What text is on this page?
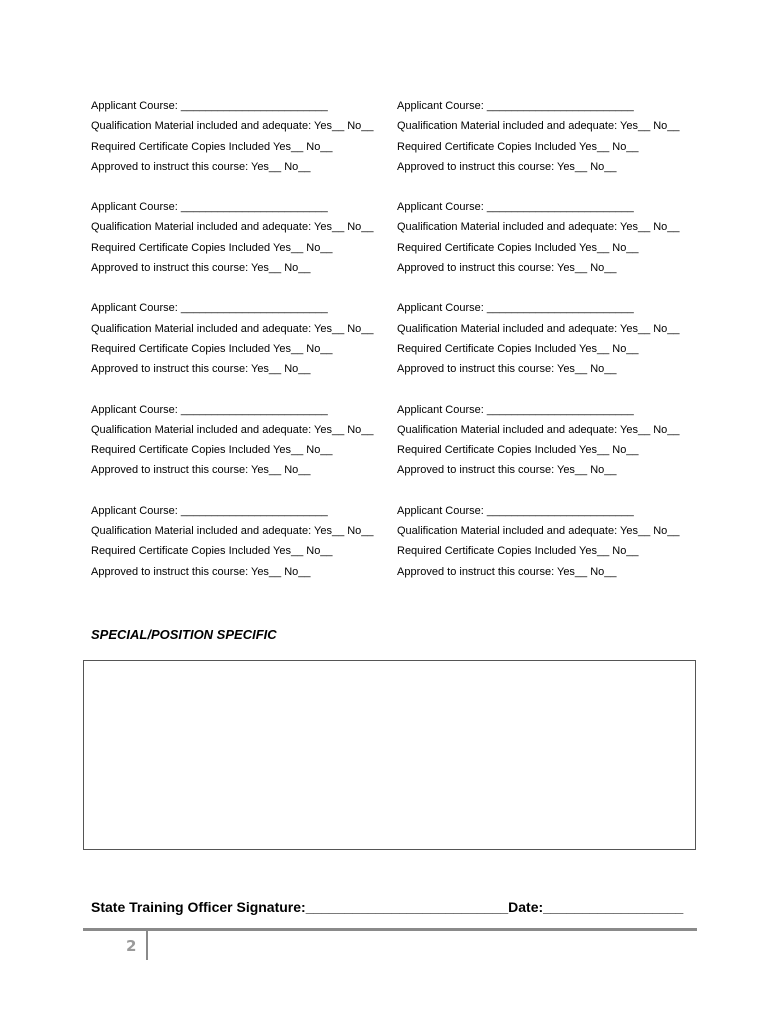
Applicant Course: ________________________
Qualification Material included and adequate: Yes__ No__
Required Certificate Copies Included Yes__ No__
Approved to instruct this course: Yes__ No__
Applicant Course: ________________________
Qualification Material included and adequate: Yes__ No__
Required Certificate Copies Included Yes__ No__
Approved to instruct this course: Yes__ No__
Applicant Course: ________________________
Qualification Material included and adequate: Yes__ No__
Required Certificate Copies Included Yes__ No__
Approved to instruct this course: Yes__ No__
Applicant Course: ________________________
Qualification Material included and adequate: Yes__ No__
Required Certificate Copies Included Yes__ No__
Approved to instruct this course: Yes__ No__
Applicant Course: ________________________
Qualification Material included and adequate: Yes__ No__
Required Certificate Copies Included Yes__ No__
Approved to instruct this course: Yes__ No__
Applicant Course: ________________________
Qualification Material included and adequate: Yes__ No__
Required Certificate Copies Included Yes__ No__
Approved to instruct this course: Yes__ No__
Applicant Course: ________________________
Qualification Material included and adequate: Yes__ No__
Required Certificate Copies Included Yes__ No__
Approved to instruct this course: Yes__ No__
Applicant Course: ________________________
Qualification Material included and adequate: Yes__ No__
Required Certificate Copies Included Yes__ No__
Approved to instruct this course: Yes__ No__
Applicant Course: ________________________
Qualification Material included and adequate: Yes__ No__
Required Certificate Copies Included Yes__ No__
Approved to instruct this course: Yes__ No__
Applicant Course: ________________________
Qualification Material included and adequate: Yes__ No__
Required Certificate Copies Included Yes__ No__
Approved to instruct this course: Yes__ No__
SPECIAL/POSITION SPECIFIC
State Training Officer Signature:__________________________Date:__________________
2
